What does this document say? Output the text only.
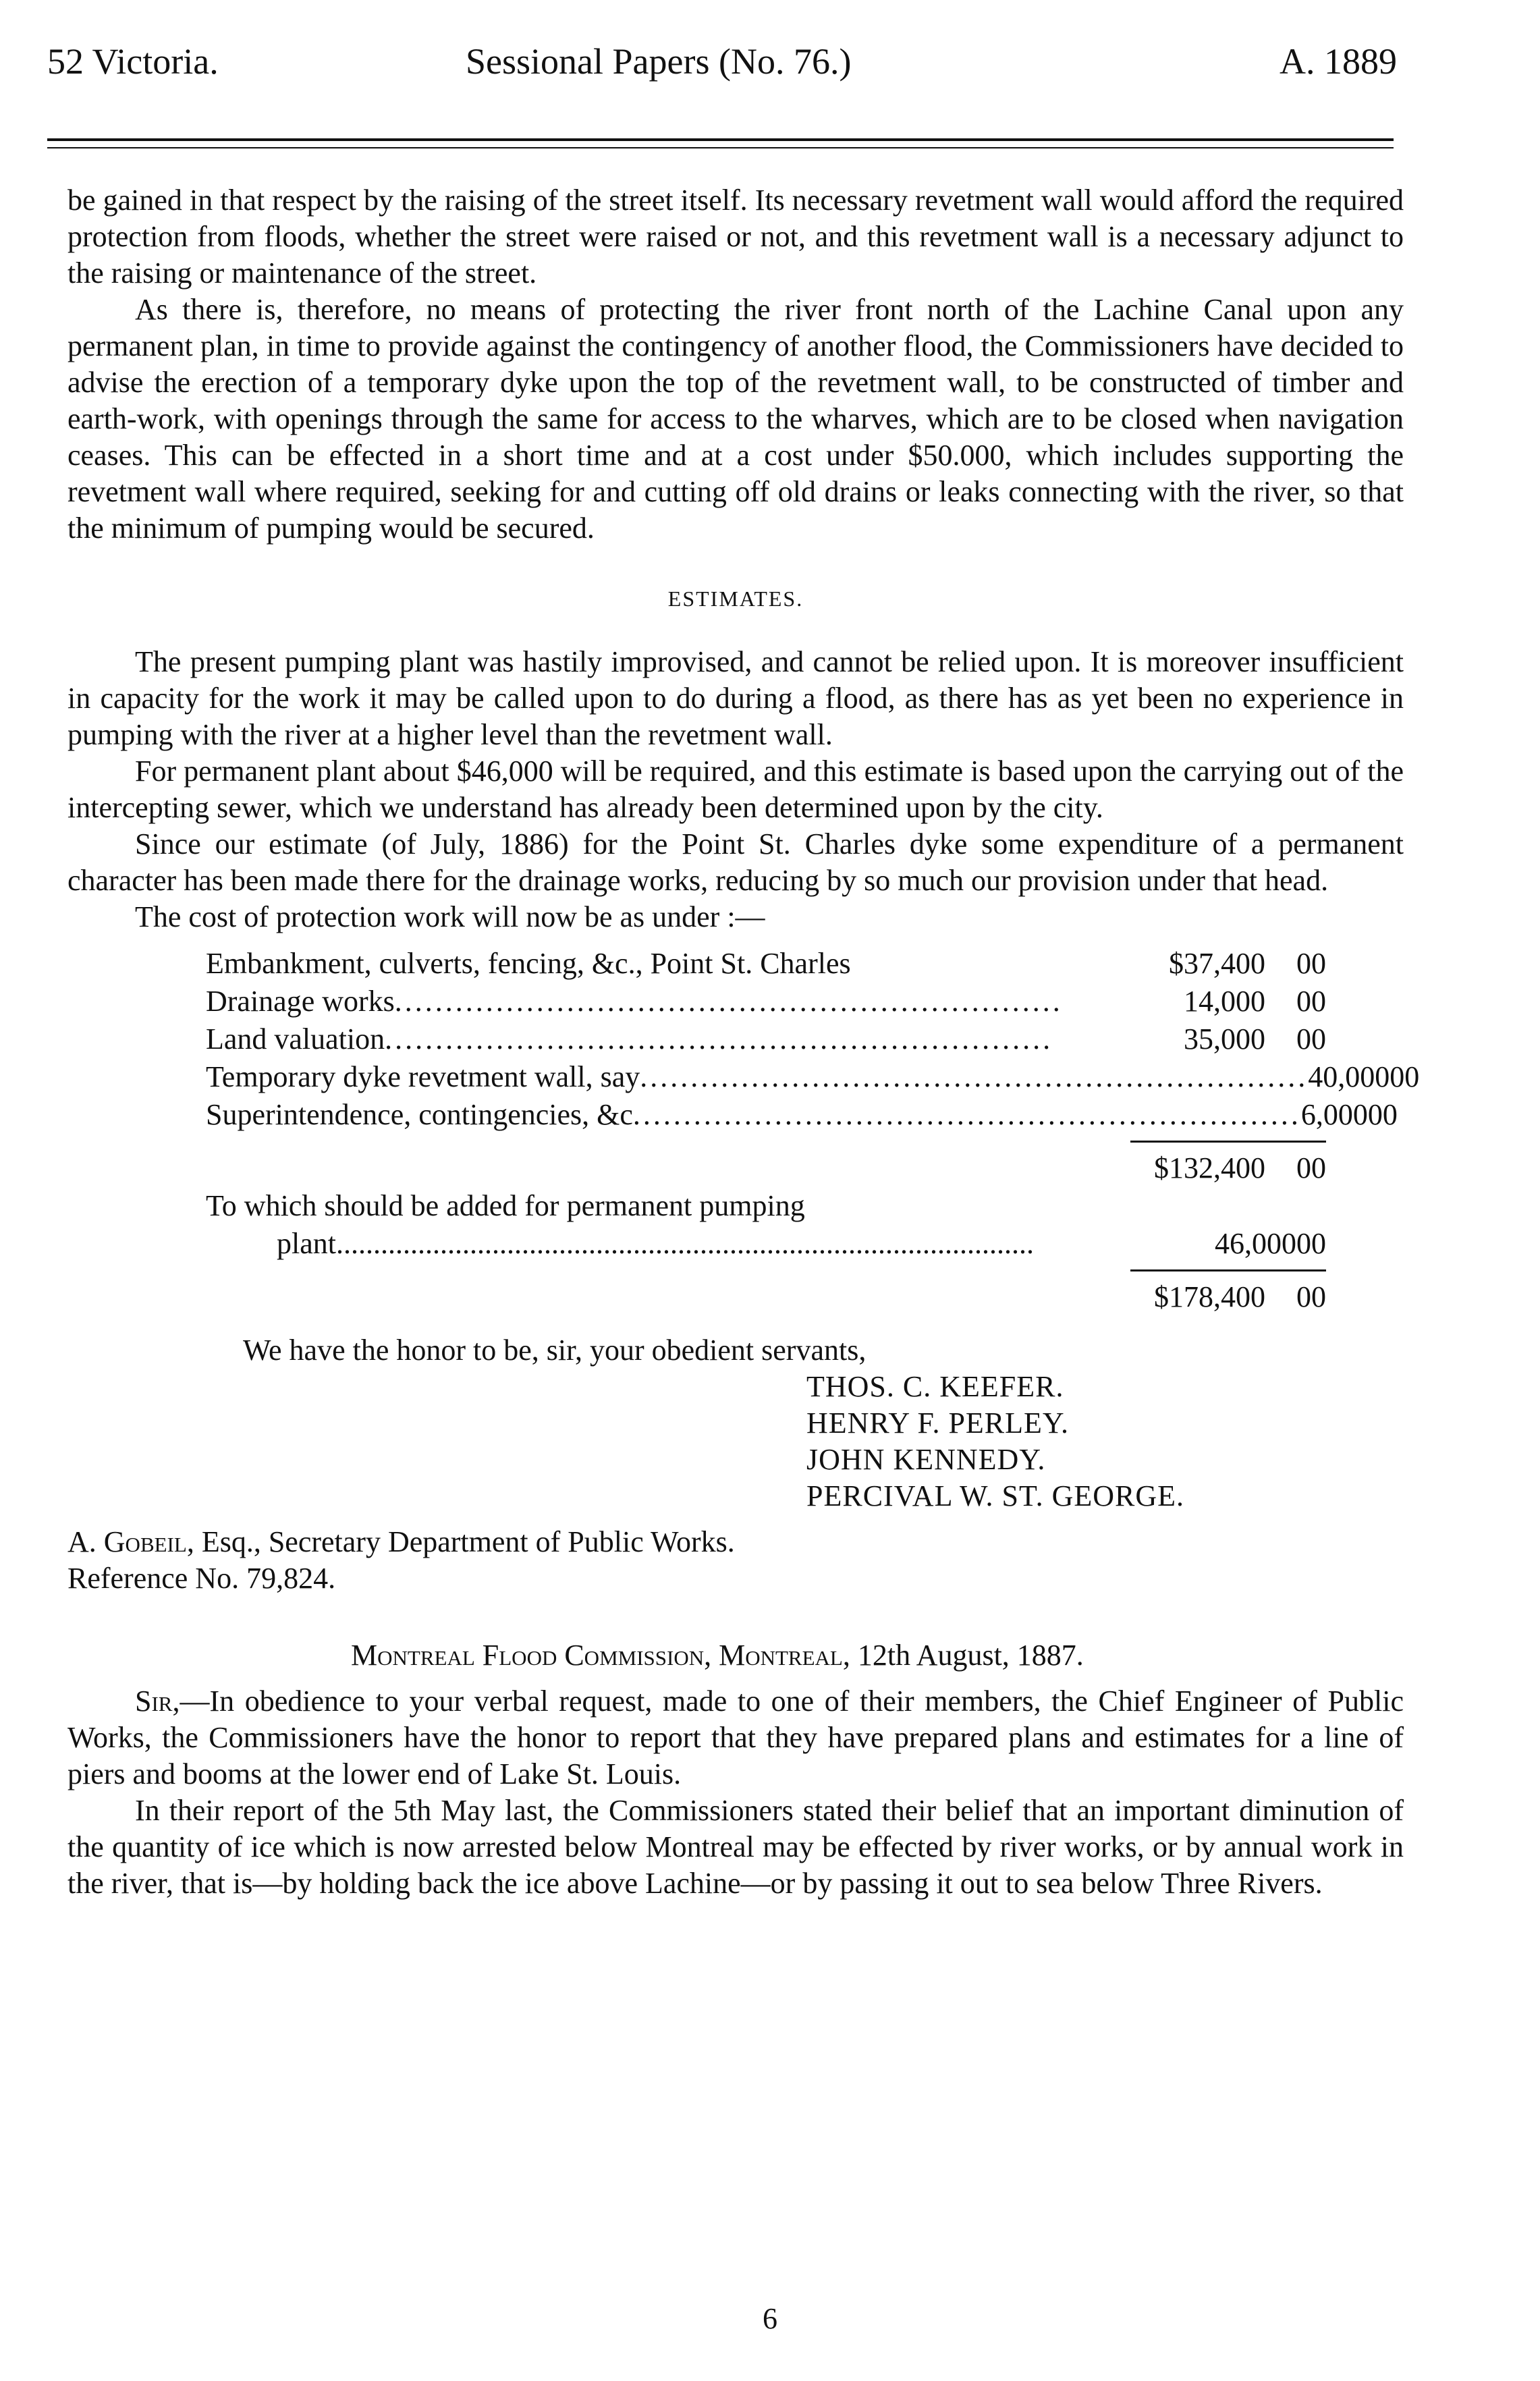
52 Victoria.	Sessional Papers (No. 76.)	A. 1889

be gained in that respect by the raising of the street itself. Its necessary revetment wall would afford the required protection from floods, whether the street were raised or not, and this revetment wall is a necessary adjunct to the raising or maintenance of the street.

As there is, therefore, no means of protecting the river front north of the Lachine Canal upon any permanent plan, in time to provide against the contingency of another flood, the Commissioners have decided to advise the erection of a temporary dyke upon the top of the revetment wall, to be constructed of timber and earth-work, with openings through the same for access to the wharves, which are to be closed when navigation ceases. This can be effected in a short time and at a cost under $50.000, which includes supporting the revetment wall where required, seeking for and cutting off old drains or leaks connecting with the river, so that the minimum of pumping would be secured.

ESTIMATES.

The present pumping plant was hastily improvised, and cannot be relied upon. It is moreover insufficient in capacity for the work it may be called upon to do during a flood, as there has as yet been no experience in pumping with the river at a higher level than the revetment wall.

For permanent plant about $46,000 will be required, and this estimate is based upon the carrying out of the intercepting sewer, which we understand has already been determined upon by the city.

Since our estimate (of July, 1886) for the Point St. Charles dyke some expenditure of a permanent character has been made there for the drainage works, reducing by so much our provision under that head.

The cost of protection work will now be as under :—

Embankment, culverts, fencing, &c., Point St. Charles	$37,400	00
Drainage works..................................................................	14,000	00
Land valuation..................................................................	35,000	00
Temporary dyke revetment wall, say.................................................................. 40,000 00
Superintendence, contingencies, &c.................................................................. 6,000 00
$132,400	00
To which should be added for permanent pumping
plant..............................................................................................	46,000 00
$178,400	00

We have the honor to be, sir, your obedient servants,

THOS. C. KEEFER.
HENRY F. PERLEY.
JOHN KENNEDY.
PERCIVAL W. ST. GEORGE.
A. Gobeil, Esq., Secretary Department of Public Works.
Reference No. 79,824.
Montreal Flood Commission, Montreal, 12th August, 1887.

Sir,—In obedience to your verbal request, made to one of their members, the Chief Engineer of Public Works, the Commissioners have the honor to report that they have prepared plans and estimates for a line of piers and booms at the lower end of Lake St. Louis.

In their report of the 5th May last, the Commissioners stated their belief that an important diminution of the quantity of ice which is now arrested below Montreal may be effected by river works, or by annual work in the river, that is—by holding back the ice above Lachine—or by passing it out to sea below Three Rivers.

6
